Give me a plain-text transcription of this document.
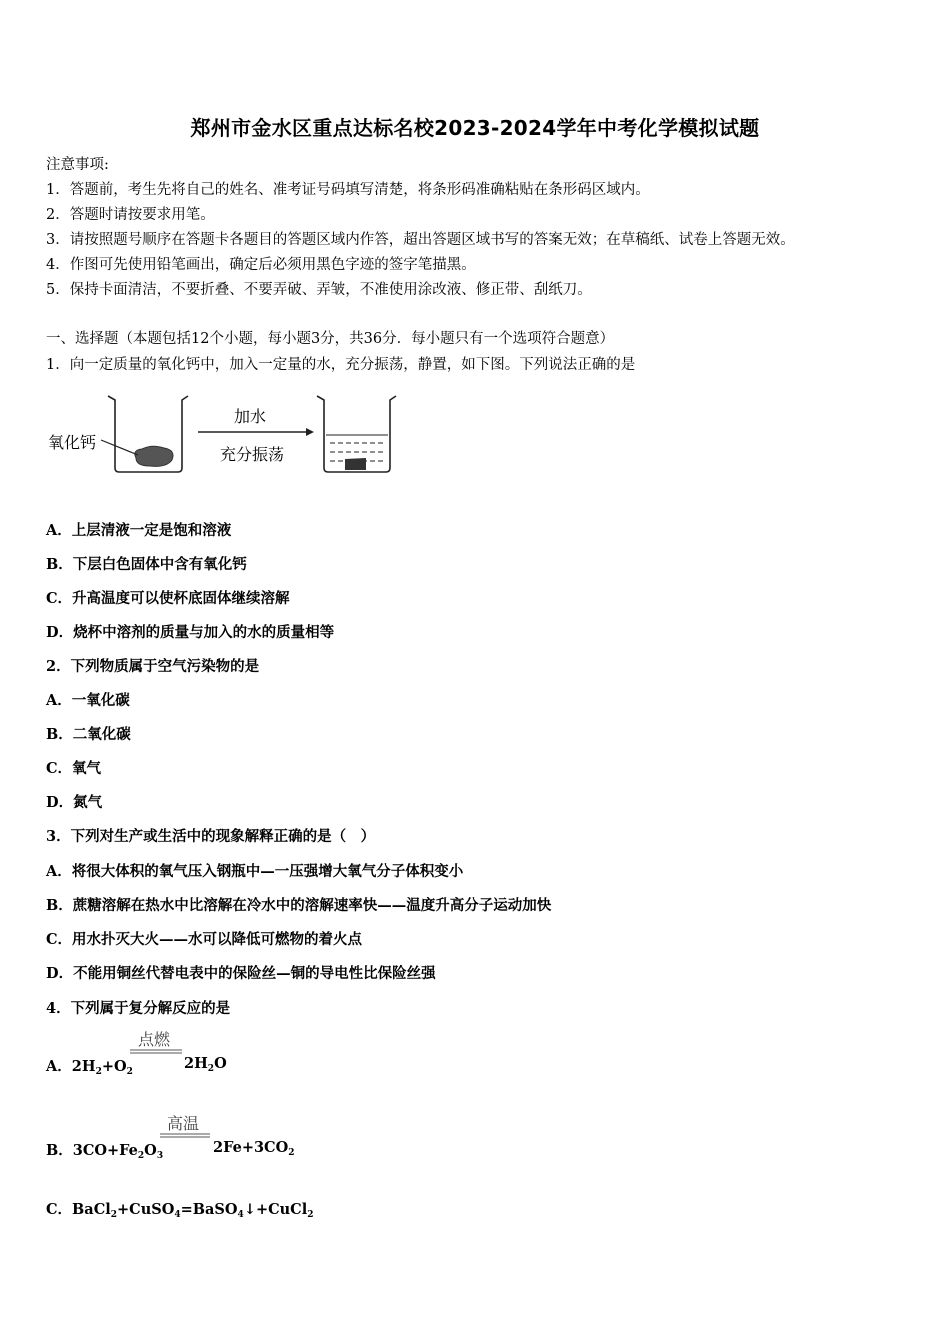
郑州市金水区重点达标名校2023-2024学年中考化学模拟试题
注意事项:
1．答题前，考生先将自己的姓名、准考证号码填写清楚，将条形码准确粘贴在条形码区域内。
2．答题时请按要求用笔。
3．请按照题号顺序在答题卡各题目的答题区域内作答，超出答题区域书写的答案无效；在草稿纸、试卷上答题无效。
4．作图可先使用铅笔画出，确定后必须用黑色字迹的签字笔描黑。
5．保持卡面清洁，不要折叠、不要弄破、弄皱，不准使用涂改液、修正带、刮纸刀。
一、选择题（本题包括12个小题，每小题3分，共36分．每小题只有一个选项符合题意）
1．向一定质量的氧化钙中，加入一定量的水，充分振荡，静置，如下图。下列说法正确的是
氧化钙
加水
充分振荡
A．上层清液一定是饱和溶液
B．下层白色固体中含有氧化钙
C．升高温度可以使杯底固体继续溶解
D．烧杯中溶剂的质量与加入的水的质量相等
2．下列物质属于空气污染物的是
A．一氧化碳
B．二氧化碳
C．氧气
D．氮气
3．下列对生产或生活中的现象解释正确的是（　）
A．将很大体积的氧气压入钢瓶中—一压强增大氧气分子体积变小
B．蔗糖溶解在热水中比溶解在冷水中的溶解速率快——温度升高分子运动加快
C．用水扑灭大火——水可以降低可燃物的着火点
D．不能用铜丝代替电表中的保险丝—铜的导电性比保险丝强
4．下列属于复分解反应的是
点燃
A．$2H_2+O_2$	$2H_2O$
高温
B．$3CO+Fe_2O_3$	$2Fe+3CO_2$
C．BaCl$_2$+CuSO$_4$=BaSO$_4$↓+CuCl$_2$
